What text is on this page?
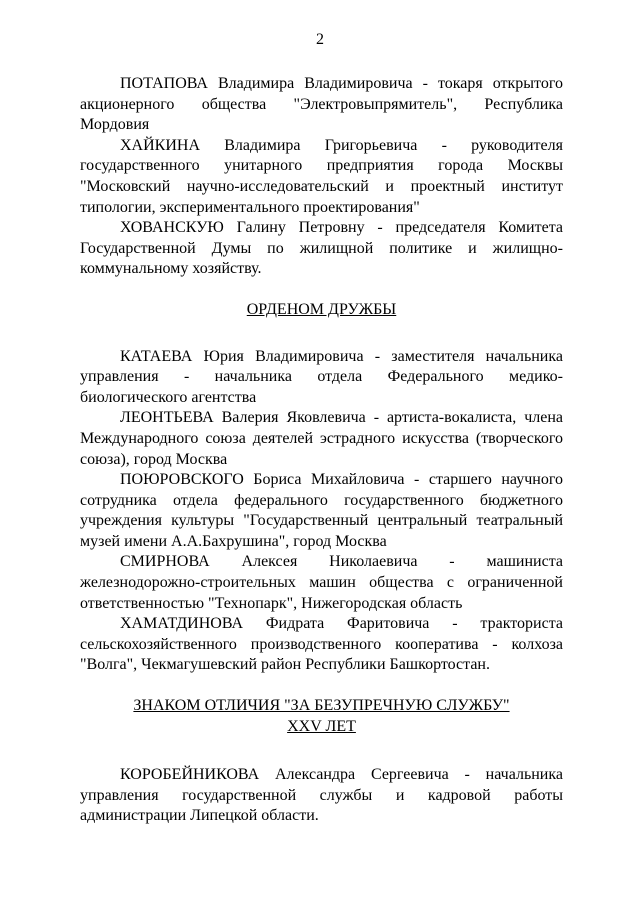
2

ПОТАПОВА Владимира Владимировича - токаря открытого акционерного общества "Электровыпрямитель", Республика Мордовия

ХАЙКИНА Владимира Григорьевича - руководителя государственного унитарного предприятия города Москвы "Московский научно-исследовательский и проектный институт типологии, экспериментального проектирования"

ХОВАНСКУЮ Галину Петровну - председателя Комитета Государственной Думы по жилищной политике и жилищно-коммунальному хозяйству.

ОРДЕНОМ ДРУЖБЫ

КАТАЕВА Юрия Владимировича - заместителя начальника управления - начальника отдела Федерального медико-биологического агентства

ЛЕОНТЬЕВА Валерия Яковлевича - артиста-вокалиста, члена Международного союза деятелей эстрадного искусства (творческого союза), город Москва

ПОЮРОВСКОГО Бориса Михайловича - старшего научного сотрудника отдела федерального государственного бюджетного учреждения культуры "Государственный центральный театральный музей имени А.А.Бахрушина", город Москва

СМИРНОВА Алексея Николаевича - машиниста железнодорожно-строительных машин общества с ограниченной ответственностью "Технопарк", Нижегородская область

ХАМАТДИНОВА Фидрата Фаритовича - тракториста сельскохозяйственного производственного кооператива - колхоза "Волга", Чекмагушевский район Республики Башкортостан.

ЗНАКОМ ОТЛИЧИЯ "ЗА БЕЗУПРЕЧНУЮ СЛУЖБУ"
XXV ЛЕТ

КОРОБЕЙНИКОВА Александра Сергеевича - начальника управления государственной службы и кадровой работы администрации Липецкой области.
